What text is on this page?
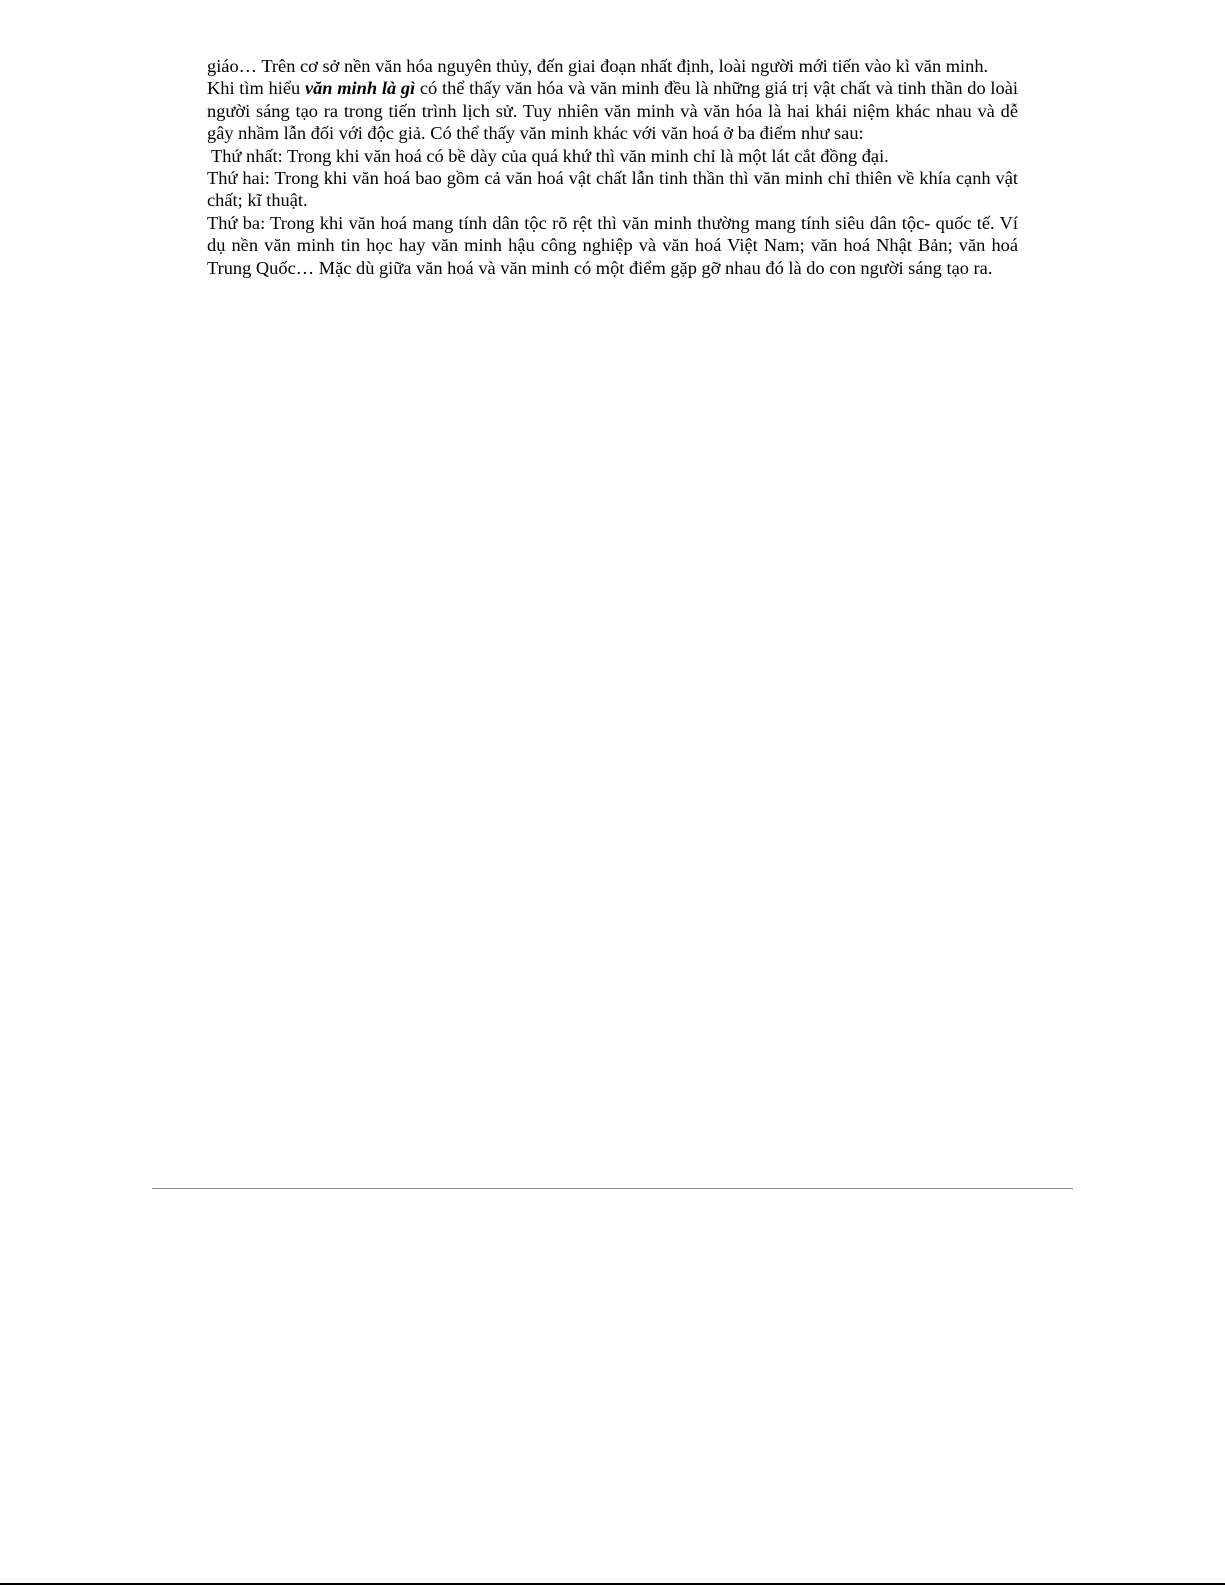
giáo… Trên cơ sở nền văn hóa nguyên thủy, đến giai đoạn nhất định, loài người mới tiến vào kì văn minh.

Khi tìm hiểu văn minh là gì có thể thấy văn hóa và văn minh đều là những giá trị vật chất và tinh thần do loài người sáng tạo ra trong tiến trình lịch sử. Tuy nhiên văn minh và văn hóa là hai khái niệm khác nhau và dễ gây nhầm lẫn đối với độc giả. Có thể thấy văn minh khác với văn hoá ở ba điểm như sau:

Thứ nhất: Trong khi văn hoá có bề dày của quá khứ thì văn minh chỉ là một lát cắt đồng đại.

Thứ hai: Trong khi văn hoá bao gồm cả văn hoá vật chất lẫn tinh thần thì văn minh chỉ thiên về khía cạnh vật chất; kĩ thuật.

Thứ ba: Trong khi văn hoá mang tính dân tộc rõ rệt thì văn minh thường mang tính siêu dân tộc- quốc tế. Ví dụ nền văn minh tin học hay văn minh hậu công nghiệp và văn hoá Việt Nam; văn hoá Nhật Bản; văn hoá Trung Quốc… Mặc dù giữa văn hoá và văn minh có một điểm gặp gỡ nhau đó là do con người sáng tạo ra.
